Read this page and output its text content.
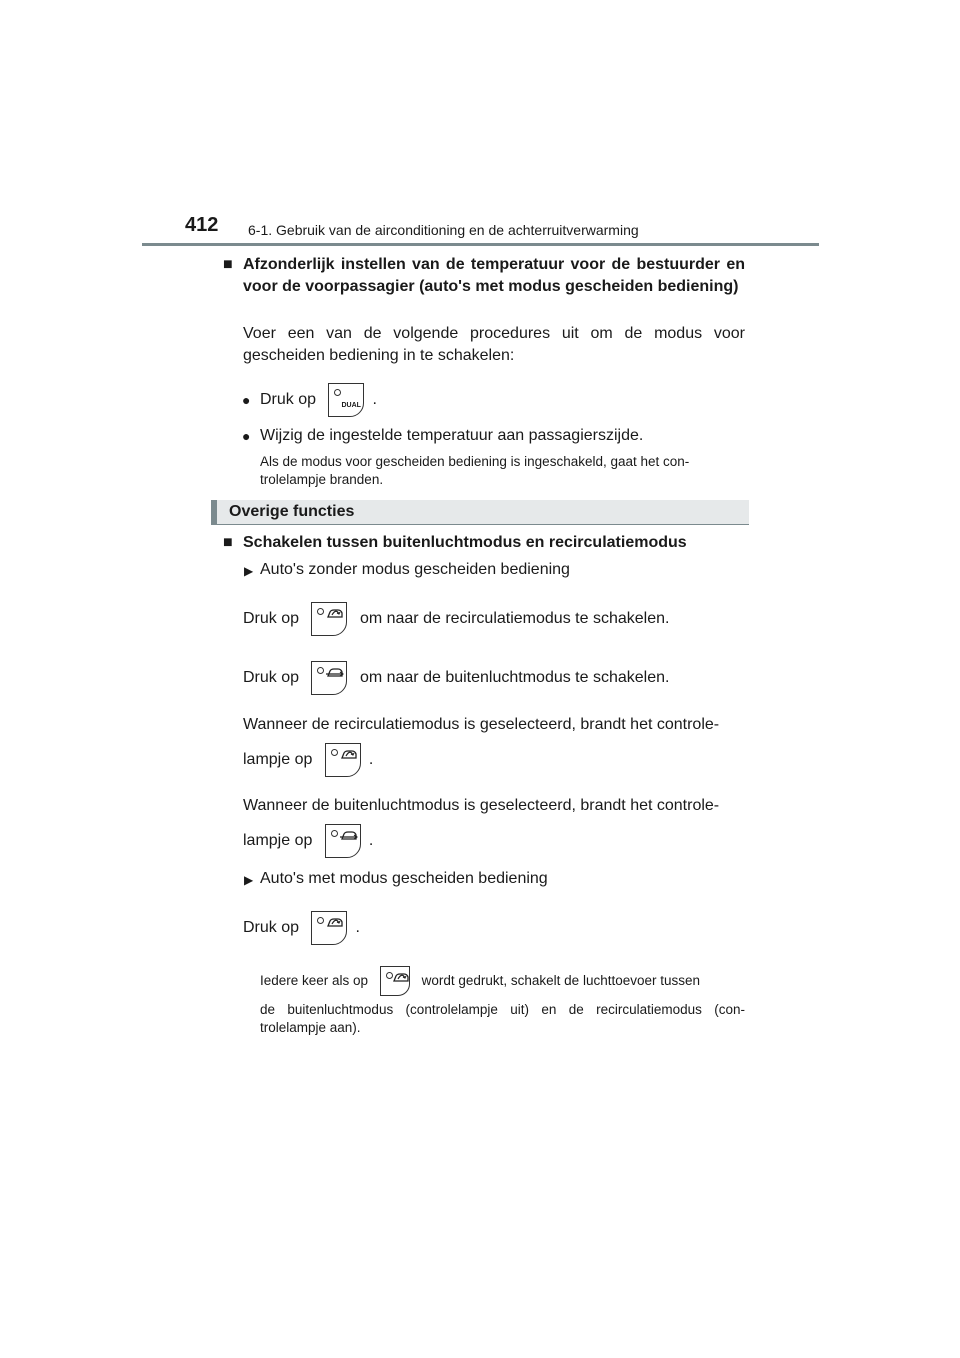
412 6-1. Gebruik van de airconditioning en de achterruitverwarming
■ Afzonderlijk instellen van de temperatuur voor de bestuurder en voor de voorpassagier (auto's met modus gescheiden bediening)
Voer een van de volgende procedures uit om de modus voor gescheiden bediening in te schakelen:
● Druk op	DUAL .
● Wijzig de ingestelde temperatuur aan passagierszijde.
Als de modus voor gescheiden bediening is ingeschakeld, gaat het con-trolelampje branden.
Overige functies
■ Schakelen tussen buitenluchtmodus en recirculatiemodus
▶ Auto's zonder modus gescheiden bediening
Druk op	om naar de recirculatiemodus te schakelen.
Druk op	om naar de buitenluchtmodus te schakelen.
Wanneer de recirculatiemodus is geselecteerd, brandt het controle-
lampje op	.
Wanneer de buitenluchtmodus is geselecteerd, brandt het controle-
lampje op	.
▶ Auto's met modus gescheiden bediening
Druk op	.
Iedere keer als op	wordt gedrukt, schakelt de luchttoevoer tussen
de buitenluchtmodus (controlelampje uit) en de recirculatiemodus (con-trolelampje aan).
